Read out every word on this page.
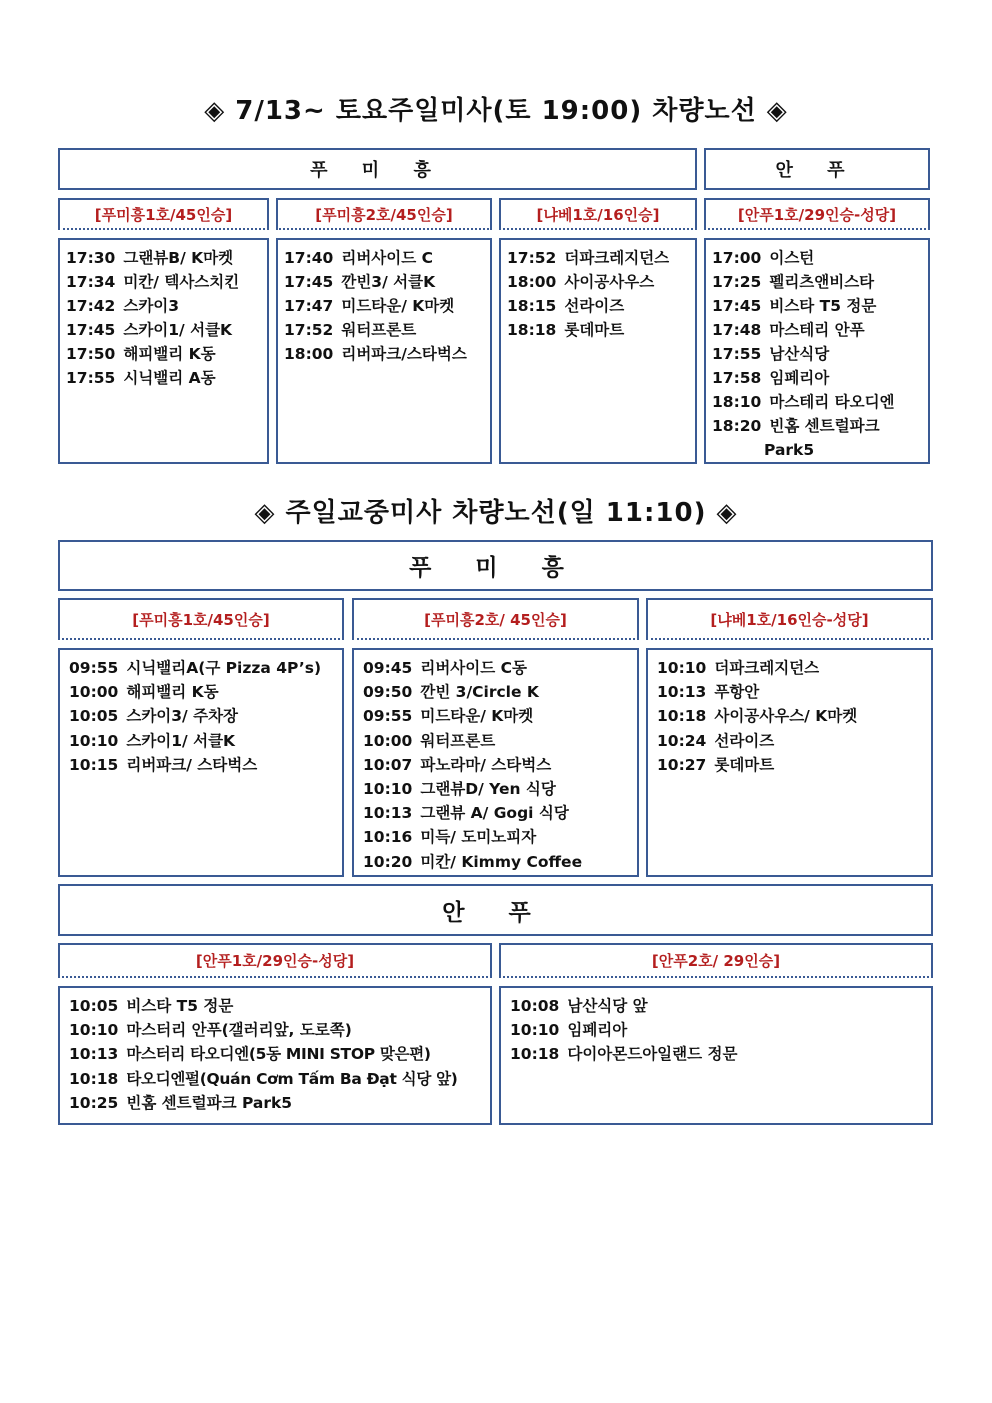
◈ 7/13~ 토요주일미사(토 19:00) 차량노선 ◈
푸 미 흥	안 푸
[푸미흥1호/45인승]
17:30 그랜뷰B/ K마켓
17:34 미칸/ 텍사스치킨
17:42 스카이3
17:45 스카이1/ 서클K
17:50 해피밸리 K동
17:55 시닉밸리 A동
[푸미흥2호/45인승]
17:40 리버사이드 C
17:45 깐빈3/ 서클K
17:47 미드타운/ K마켓
17:52 워터프론트
18:00 리버파크/스타벅스
[냐베1호/16인승]
17:52 더파크레지던스
18:00 사이공사우스
18:15 선라이즈
18:18 롯데마트
[안푸1호/29인승-성당]
17:00 이스턴
17:25 펠리츠앤비스타
17:45 비스타 T5 정문
17:48 마스테리 안푸
17:55 남산식당
17:58 임페리아
18:10 마스테리 타오디엔
18:20 빈홈 센트럴파크
Park5
◈ 주일교중미사 차량노선(일 11:10) ◈
푸 미 흥
[푸미흥1호/45인승]
09:55 시닉밸리A(구 Pizza 4P’s)
10:00 해피밸리 K동
10:05 스카이3/ 주차장
10:10 스카이1/ 서클K
10:15 리버파크/ 스타벅스
[푸미흥2호/ 45인승]
09:45 리버사이드 C동
09:50 깐빈 3/Circle K
09:55 미드타운/ K마켓
10:00 워터프론트
10:07 파노라마/ 스타벅스
10:10 그랜뷰D/ Yen 식당
10:13 그랜뷰 A/ Gogi 식당
10:16 미득/ 도미노피자
10:20 미칸/ Kimmy Coffee
[냐베1호/16인승-성당]
10:10 더파크레지던스
10:13 푸항안
10:18 사이공사우스/ K마켓
10:24 선라이즈
10:27 롯데마트
안 푸
[안푸1호/29인승-성당]
10:05 비스타 T5 정문
10:10 마스터리 안푸(갤러리앞, 도로쪽)
10:13 마스터리 타오디엔(5동 MINI STOP 맞은편)
10:18 타오디엔펄(Quán Cơm Tấm Ba Đạt 식당 앞)
10:25 빈홈 센트럴파크 Park5
[안푸2호/ 29인승]
10:08 남산식당 앞
10:10 임페리아
10:18 다이아몬드아일랜드 정문
